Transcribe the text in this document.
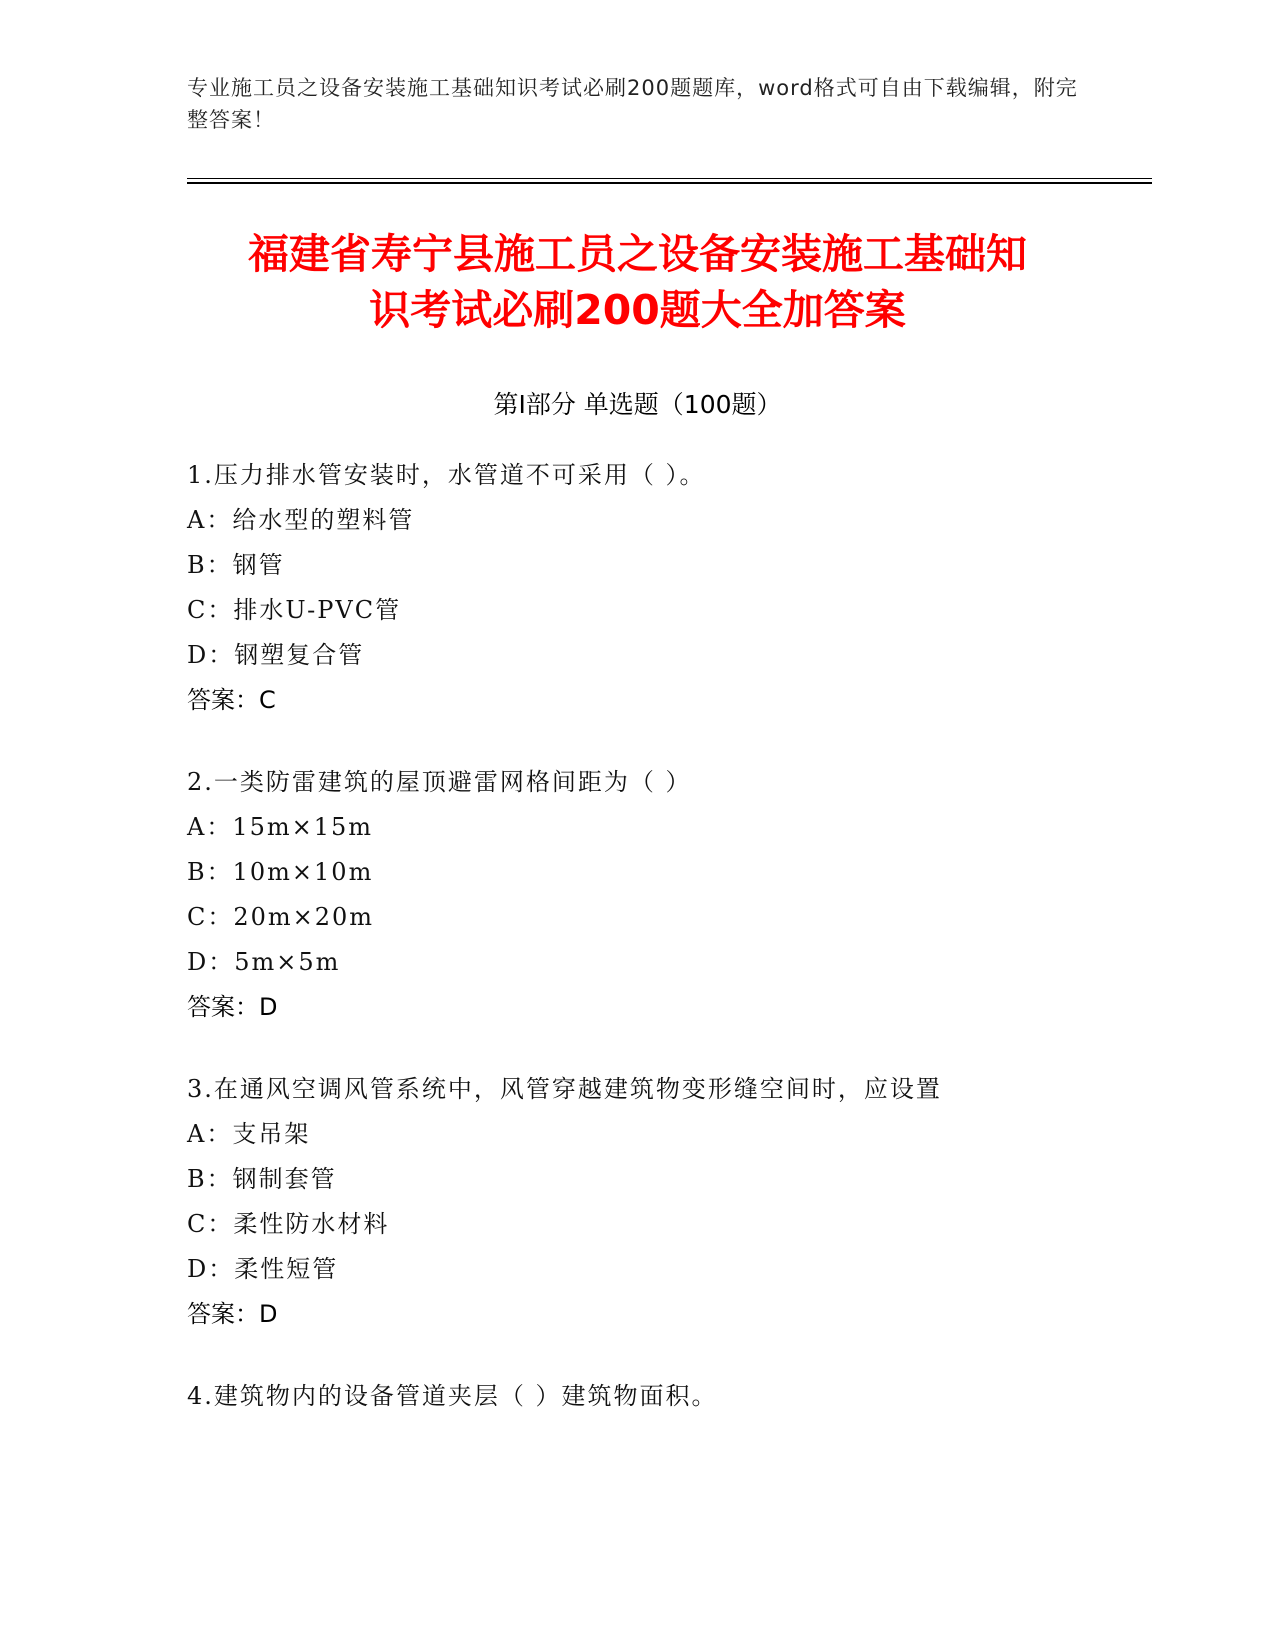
专业施工员之设备安装施工基础知识考试必刷200题题库，word格式可自由下载编辑，附完整答案！
福建省寿宁县施工员之设备安装施工基础知
识考试必刷200题大全加答案
第Ⅰ部分 单选题（100题）
1.压力排水管安装时，水管道不可采用（ ）。
A：给水型的塑料管
B：钢管
C：排水U-PVC管
D：钢塑复合管
答案：C
2.一类防雷建筑的屋顶避雷网格间距为（ ）
A：15m×15m
B：10m×10m
C：20m×20m
D：5m×5m
答案：D
3.在通风空调风管系统中，风管穿越建筑物变形缝空间时，应设置
A：支吊架
B：钢制套管
C：柔性防水材料
D：柔性短管
答案：D
4.建筑物内的设备管道夹层（ ）建筑物面积。
